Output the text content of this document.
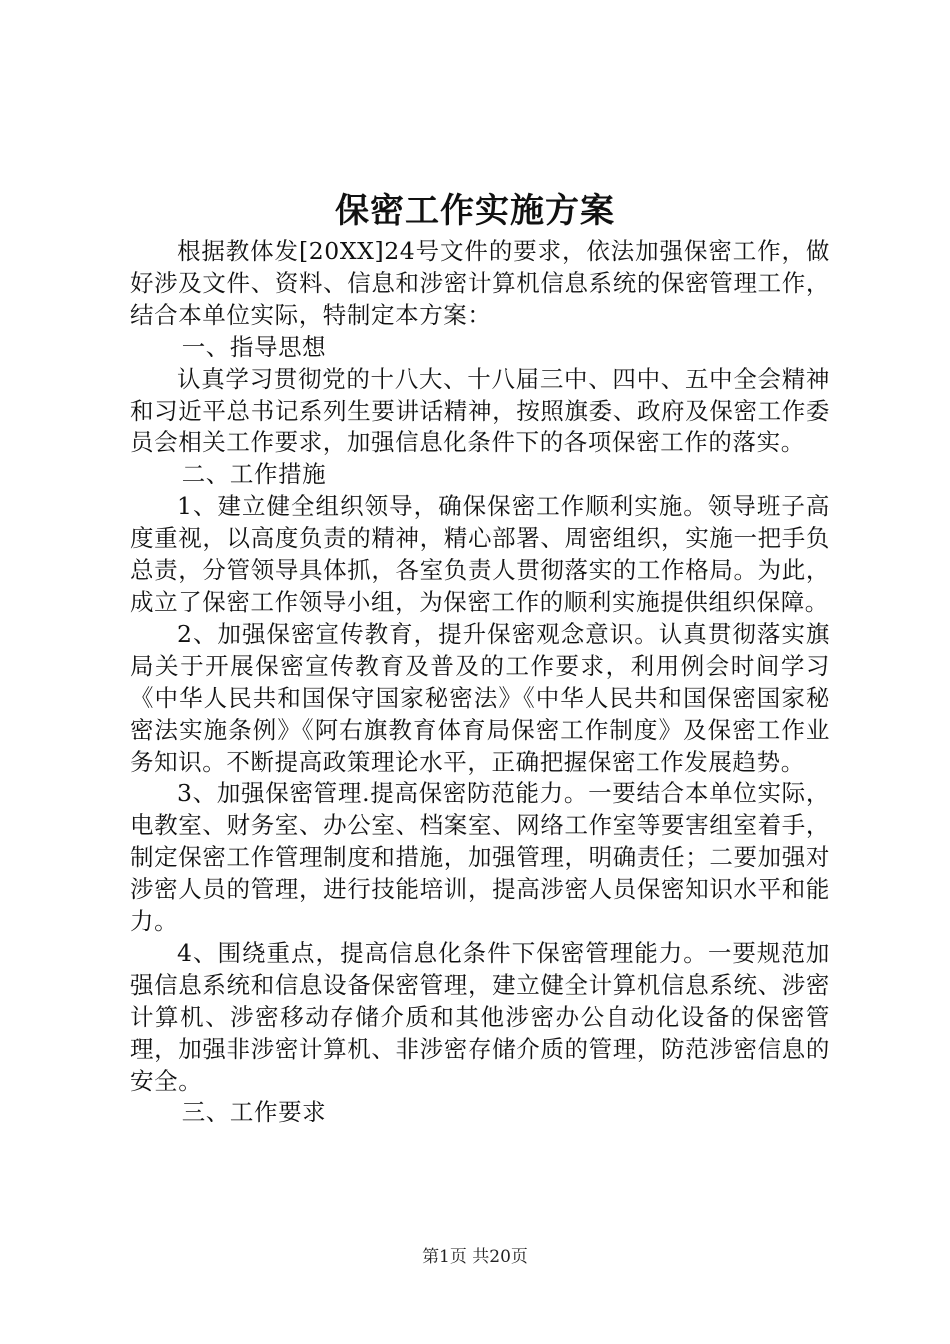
保密工作实施方案

根据教体发[20XX]24号文件的要求，依法加强保密工作，做好涉及文件、资料、信息和涉密计算机信息系统的保密管理工作，结合本单位实际，特制定本方案：

一、指导思想

认真学习贯彻党的十八大、十八届三中、四中、五中全会精神和习近平总书记系列生要讲话精神，按照旗委、政府及保密工作委员会相关工作要求，加强信息化条件下的各项保密工作的落实。

二、工作措施

1、建立健全组织领导，确保保密工作顺利实施。领导班子高度重视，以高度负责的精神，精心部署、周密组织，实施一把手负总责，分管领导具体抓，各室负责人贯彻落实的工作格局。为此，成立了保密工作领导小组，为保密工作的顺利实施提供组织保障。

2、加强保密宣传教育，提升保密观念意识。认真贯彻落实旗局关于开展保密宣传教育及普及的工作要求，利用例会时间学习《中华人民共和国保守国家秘密法》《中华人民共和国保密国家秘密法实施条例》《阿右旗教育体育局保密工作制度》及保密工作业务知识。不断提高政策理论水平，正确把握保密工作发展趋势。

3、加强保密管理.提高保密防范能力。一要结合本单位实际，电教室、财务室、办公室、档案室、网络工作室等要害组室着手，制定保密工作管理制度和措施，加强管理，明确责任；二要加强对涉密人员的管理，进行技能培训，提高涉密人员保密知识水平和能力。

4、围绕重点，提高信息化条件下保密管理能力。一要规范加强信息系统和信息设备保密管理，建立健全计算机信息系统、涉密计算机、涉密移动存储介质和其他涉密办公自动化设备的保密管理，加强非涉密计算机、非涉密存储介质的管理，防范涉密信息的安全。

三、工作要求

第1页 共20页
